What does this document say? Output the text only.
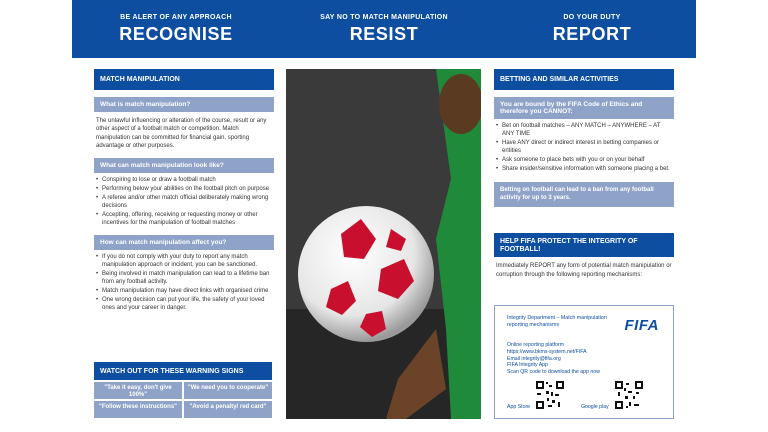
BE ALERT OF ANY APPROACH
RECOGNISE
SAY NO TO MATCH MANIPULATION
RESIST
DO YOUR DUTY
REPORT
MATCH MANIPULATION
What is match manipulation?
The unlawful influencing or alteration of the course, result or any other aspect of a football match or competition. Match manipulation can be committed for financial gain, sporting advantage or other purposes.
What can match manipulation look like?
• Conspiring to lose or draw a football match
• Performing below your abilities on the football pitch on purpose
• A referee and/or other match official deliberately making wrong decisions
• Accepting, offering, receiving or requesting money or other incentives for the manipulation of football matches
How can match manipulation affect you?
• If you do not comply with your duty to report any match manipulation approach or incident, you can be sanctioned.
• Being involved in match manipulation can lead to a lifetime ban from any football activity.
• Match manipulation may have direct links with organised crime
• One wrong decision can put your life, the safety of your loved ones and your career in danger.
WATCH OUT FOR THESE WARNING SIGNS
"Take it easy, don't give 100%"
"We need you to cooperate"
"Follow these instructions"	"Avoid a penalty/ red card"
BETTING AND SIMILAR ACTIVITIES
You are bound by the FIFA Code of Ethics and therefore you CANNOT:
• Bet on football matches – ANY MATCH – ANYWHERE – AT ANY TIME
• Have ANY direct or indirect interest in betting companies or entities
• Ask someone to place bets with you or on your behalf
• Share insider/sensitive information with someone placing a bet.
Betting on football can lead to a ban from any football activity for up to 3 years.
HELP FIFA PROTECT THE INTEGRITY OF FOOTBALL!
Immediately REPORT any form of potential match manipulation or corruption through the following reporting mechanisms:
Integrity Department – Match manipulation reporting mechanisms	FIFA
Online reporting platform
https://www.bkms-system.net/FIFA
Email integrity@fifa.org
FIFA Integrity App
Scan QR code to download the app now
App Store	Google play
